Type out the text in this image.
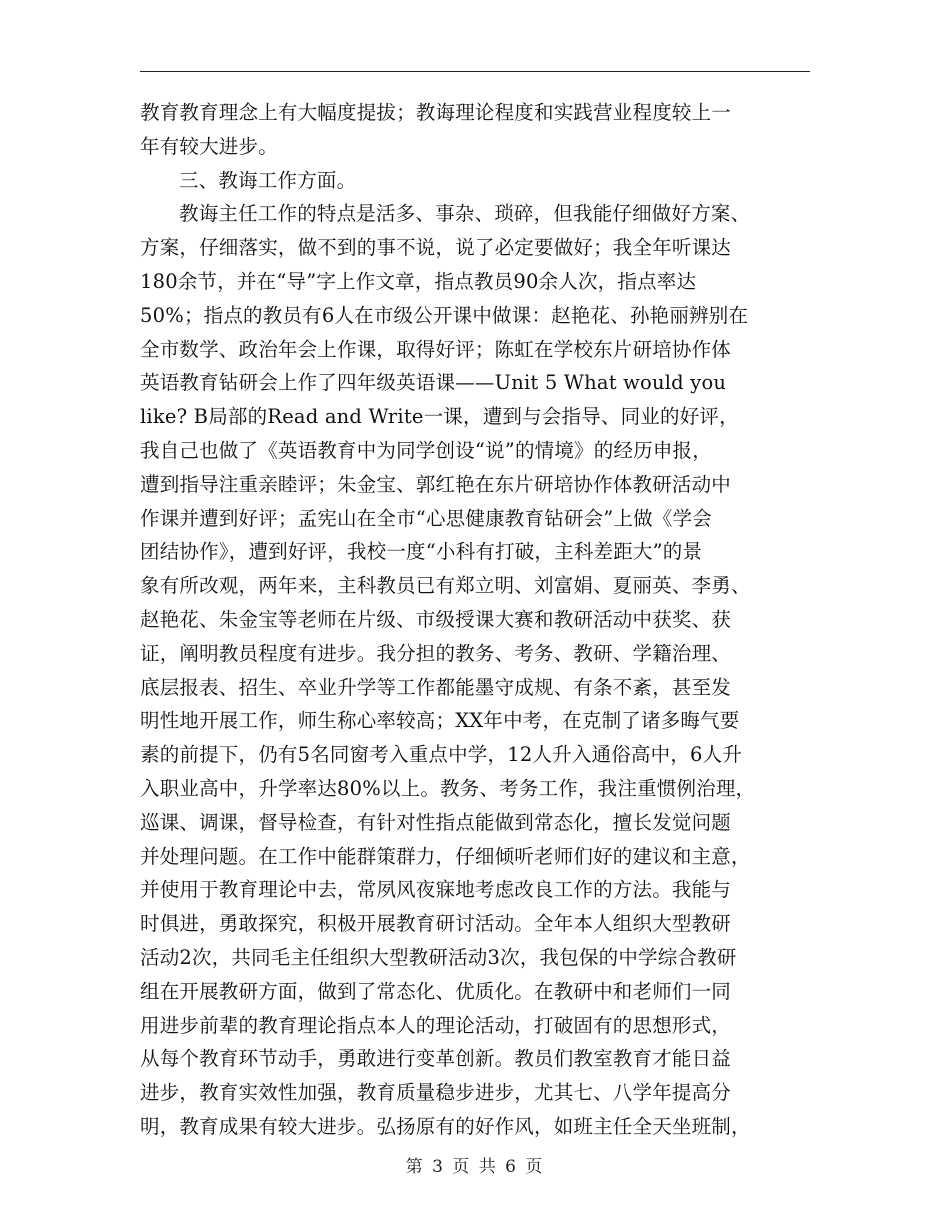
教育教育理念上有大幅度提拔；教诲理论程度和实践营业程度较上一
年有较大进步。
三、教诲工作方面。
教诲主任工作的特点是活多、事杂、琐碎，但我能仔细做好方案、
方案，仔细落实，做不到的事不说，说了必定要做好；我全年听课达
180余节，并在“导”字上作文章，指点教员90余人次，指点率达
50%；指点的教员有6人在市级公开课中做课：赵艳花、孙艳丽辨别在
全市数学、政治年会上作课，取得好评；陈虹在学校东片研培协作体
英语教育钻研会上作了四年级英语课——Unit 5 What would you
like? B局部的Read and Write一课，遭到与会指导、同业的好评，
我自己也做了《英语教育中为同学创设“说”的情境》的经历申报，
遭到指导注重亲睦评；朱金宝、郭红艳在东片研培协作体教研活动中
作课并遭到好评；孟宪山在全市“心思健康教育钻研会”上做《学会
团结协作》，遭到好评，我校一度“小科有打破，主科差距大”的景
象有所改观，两年来，主科教员已有郑立明、刘富娟、夏丽英、李勇、
赵艳花、朱金宝等老师在片级、市级授课大赛和教研活动中获奖、获
证，阐明教员程度有进步。我分担的教务、考务、教研、学籍治理、
底层报表、招生、卒业升学等工作都能墨守成规、有条不紊，甚至发
明性地开展工作，师生称心率较高；XX年中考，在克制了诸多晦气要
素的前提下，仍有5名同窗考入重点中学，12人升入通俗高中，6人升
入职业高中，升学率达80%以上。教务、考务工作，我注重惯例治理，
巡课、调课，督导检查，有针对性指点能做到常态化，擅长发觉问题
并处理问题。在工作中能群策群力，仔细倾听老师们好的建议和主意，
并使用于教育理论中去，常夙风夜寐地考虑改良工作的方法。我能与
时俱进，勇敢探究，积极开展教育研讨活动。全年本人组织大型教研
活动2次，共同毛主任组织大型教研活动3次，我包保的中学综合教研
组在开展教研方面，做到了常态化、优质化。在教研中和老师们一同
用进步前辈的教育理论指点本人的理论活动，打破固有的思想形式，
从每个教育环节动手，勇敢进行变革创新。教员们教室教育才能日益
进步，教育实效性加强，教育质量稳步进步，尤其七、八学年提高分
明，教育成果有较大进步。弘扬原有的好作风，如班主任全天坐班制，
第 3 页 共 6 页
